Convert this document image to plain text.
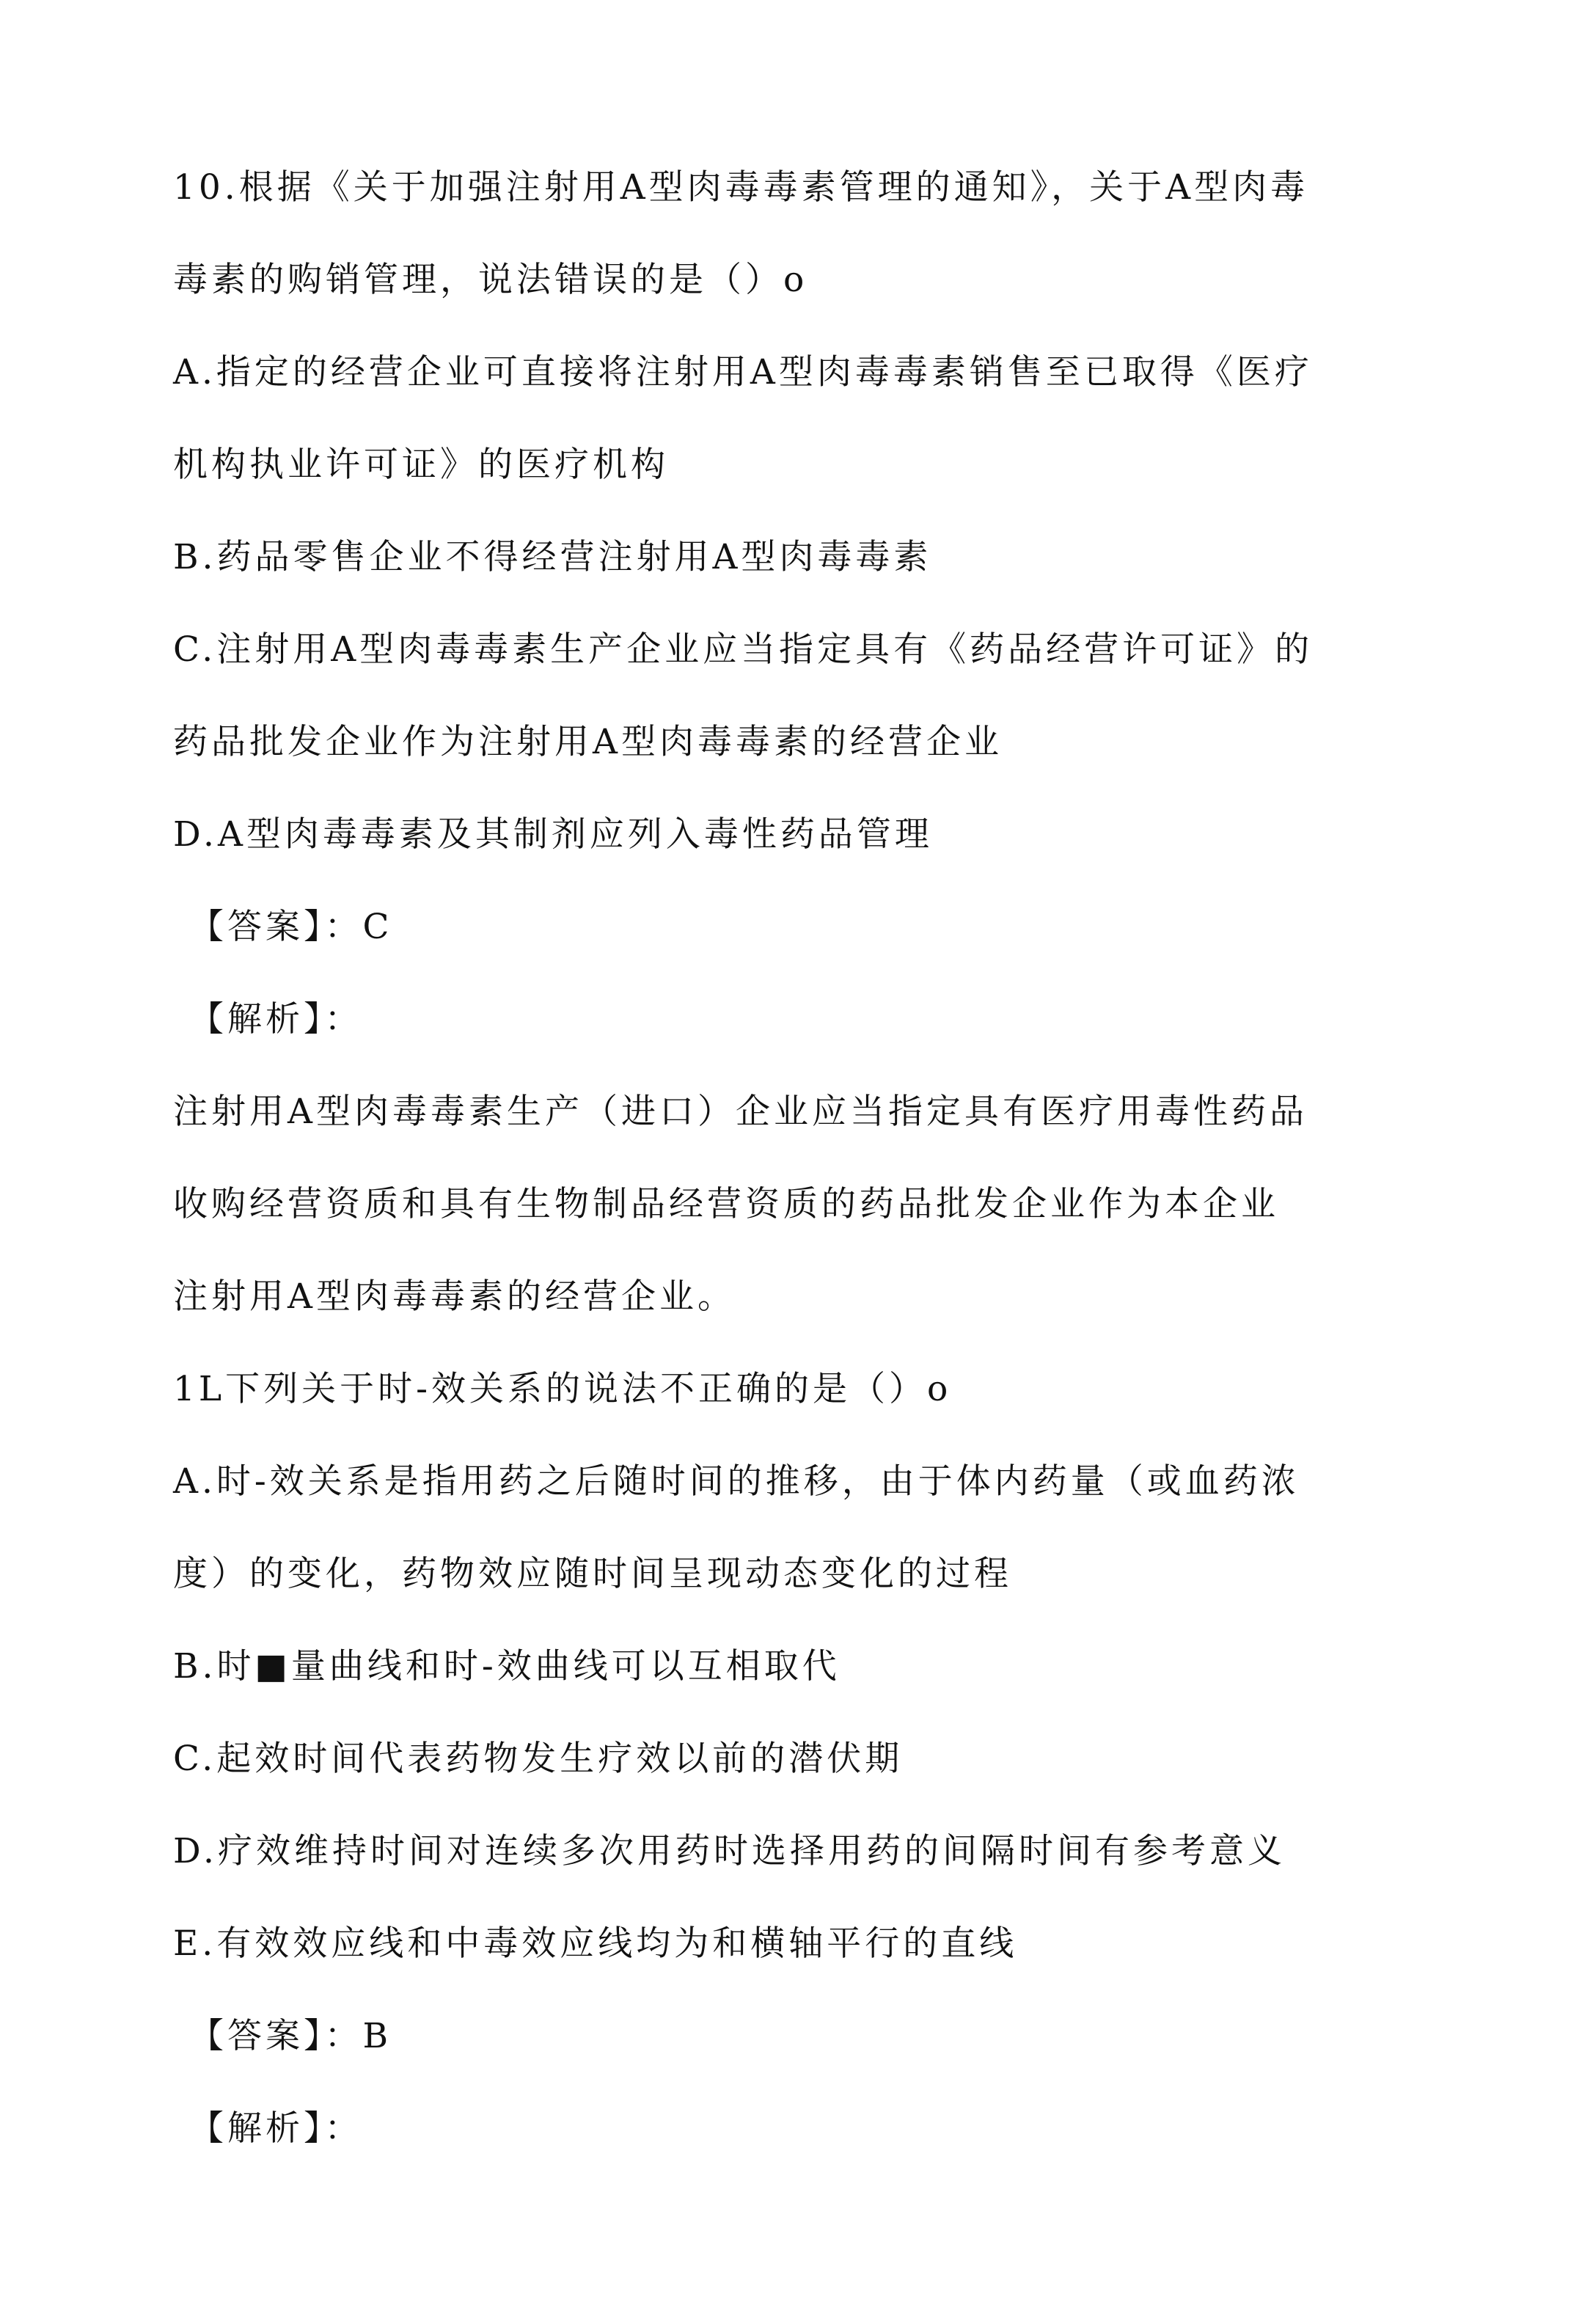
10.根据《关于加强注射用A型肉毒毒素管理的通知》，关于A型肉毒
毒素的购销管理，说法错误的是（）o
A.指定的经营企业可直接将注射用A型肉毒毒素销售至已取得《医疗
机构执业许可证》的医疗机构
B.药品零售企业不得经营注射用A型肉毒毒素
C.注射用A型肉毒毒素生产企业应当指定具有《药品经营许可证》的
药品批发企业作为注射用A型肉毒毒素的经营企业
D.A型肉毒毒素及其制剂应列入毒性药品管理
【答案】：C
【解析】：
注射用A型肉毒毒素生产（进口）企业应当指定具有医疗用毒性药品
收购经营资质和具有生物制品经营资质的药品批发企业作为本企业
注射用A型肉毒毒素的经营企业。
1L下列关于时-效关系的说法不正确的是（）o
A.时-效关系是指用药之后随时间的推移，由于体内药量（或血药浓
度）的变化，药物效应随时间呈现动态变化的过程
B.时■量曲线和时-效曲线可以互相取代
C.起效时间代表药物发生疗效以前的潜伏期
D.疗效维持时间对连续多次用药时选择用药的间隔时间有参考意义
E.有效效应线和中毒效应线均为和横轴平行的直线
【答案】：B
【解析】：
